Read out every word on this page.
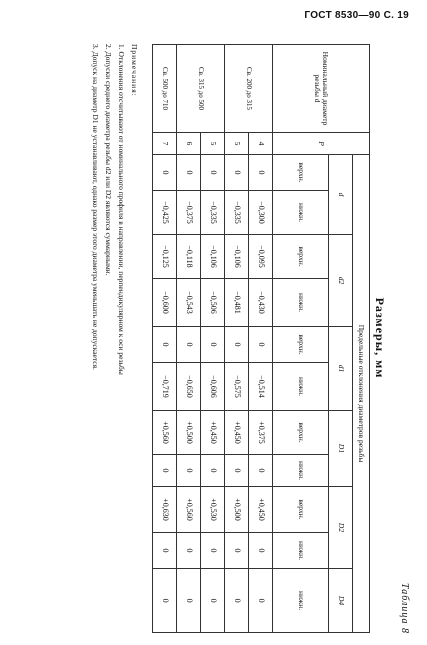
ГОСТ 8530—90 С. 19
Таблица 8
Размеры, мм
Номинальный диаметр резьбы d	P	Предельные отклонения диаметров резьбы										
		d		d2		d1		D1		D2		D4
		верхн.	нижн.	верхн.	нижн.	верхн.	нижн.	верхн.	нижн.	верхн.	нижн.	нижн.
Св. 200 до 315	4	0	−0,300	−0,095	−0,430	0	−0,514	+0,375	0	+0,450	0	0
	5	0	−0,335	−0,106	−0,481	0	−0,575	+0,450	0	+0,500	0	0
Св. 315 до 500	5	0	−0,335	−0,106	−0,506	0	−0,606	+0,450	0	+0,530	0	0
	6	0	−0,375	−0,118	−0,543	0	−0,650	+0,500	0	+0,560	0	0
Св. 500 до 710	7	0	−0,425	−0,125	−0,600	0	−0,719	+0,560	0	+0,630	0	0
Примечания:
1. Отклонения отсчитывают от номинального профиля в направлении, перпендикулярном к оси резьбы
2. Допуски среднего диаметра резьбы d2 или D2 являются суммарными.
3. Допуск на диаметр D1 не устанавливают, однако размер этого диаметра уменьшать не допускается.
